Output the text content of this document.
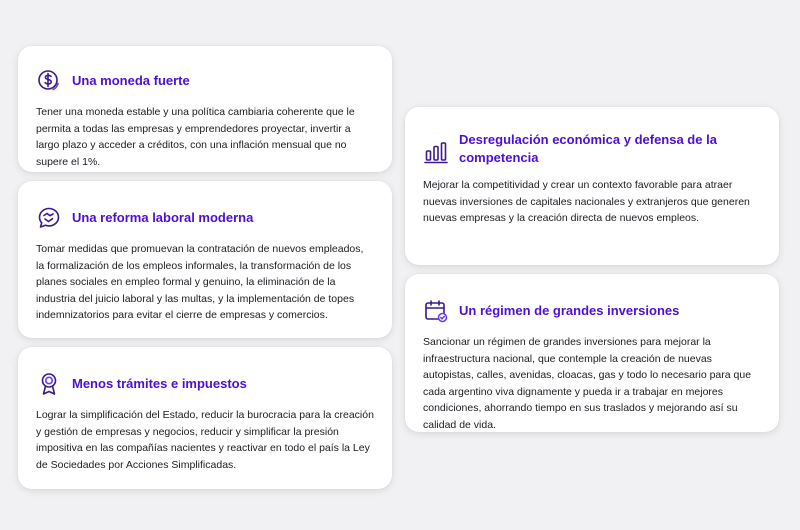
Una moneda fuerte
Tener una moneda estable y una política cambiaria coherente que le permita a todas las empresas y emprendedores proyectar, invertir a largo plazo y acceder a créditos, con una inflación mensual que no supere el 1%.
Una reforma laboral moderna
Tomar medidas que promuevan la contratación de nuevos empleados, la formalización de los empleos informales, la transformación de los planes sociales en empleo formal y genuino, la eliminación de la industria del juicio laboral y las multas, y la implementación de topes indemnizatorios para evitar el cierre de empresas y comercios.
Menos trámites e impuestos
Lograr la simplificación del Estado, reducir la burocracia para la creación y gestión de empresas y negocios, reducir y simplificar la presión impositiva en las compañías nacientes y reactivar en todo el país la Ley de Sociedades por Acciones Simplificadas.
Desregulación económica y defensa de la competencia
Mejorar la competitividad y crear un contexto favorable para atraer nuevas inversiones de capitales nacionales y extranjeros que generen nuevas empresas y la creación directa de nuevos empleos.
Un régimen de grandes inversiones
Sancionar un régimen de grandes inversiones para mejorar la infraestructura nacional, que contemple la creación de nuevas autopistas, calles, avenidas, cloacas, gas y todo lo necesario para que cada argentino viva dignamente y pueda ir a trabajar en mejores condiciones, ahorrando tiempo en sus traslados y mejorando así su calidad de vida.
